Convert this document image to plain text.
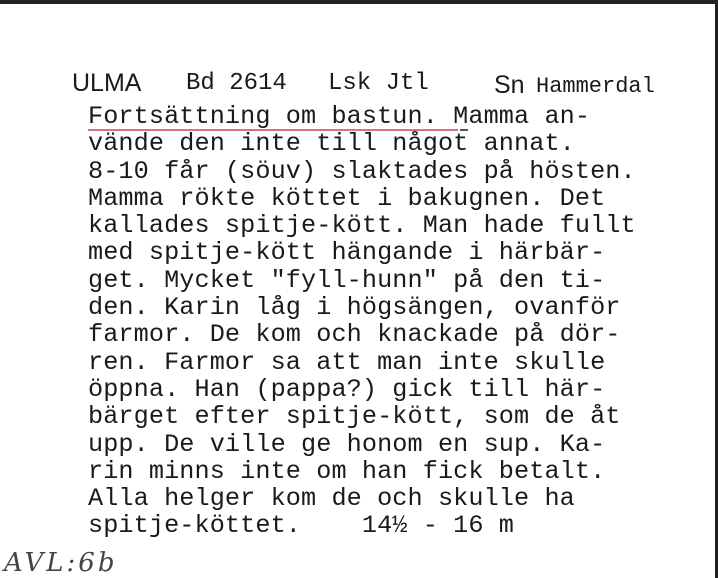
ULMA Bd 2614 Lsk Jtl	Sn Hammerdal
Fortsättning om bastun. Mamma an-
vände den inte till något annat.
8-10 får (söuv) slaktades på hösten.
Mamma rökte köttet i bakugnen. Det
kallades spitje-kött. Man hade fullt
med spitje-kött hängande i härbär-
get. Mycket "fyll-hunn" på den ti-
den. Karin låg i högsängen, ovanför
farmor. De kom och knackade på dör-
ren. Farmor sa att man inte skulle
öppna. Han (pappa?) gick till här-
bärget efter spitje-kött, som de åt
upp. De ville ge honom en sup. Ka-
rin minns inte om han fick betalt.
Alla helger kom de och skulle ha
spitje-köttet.    14½ - 16 m
AVL:6b
